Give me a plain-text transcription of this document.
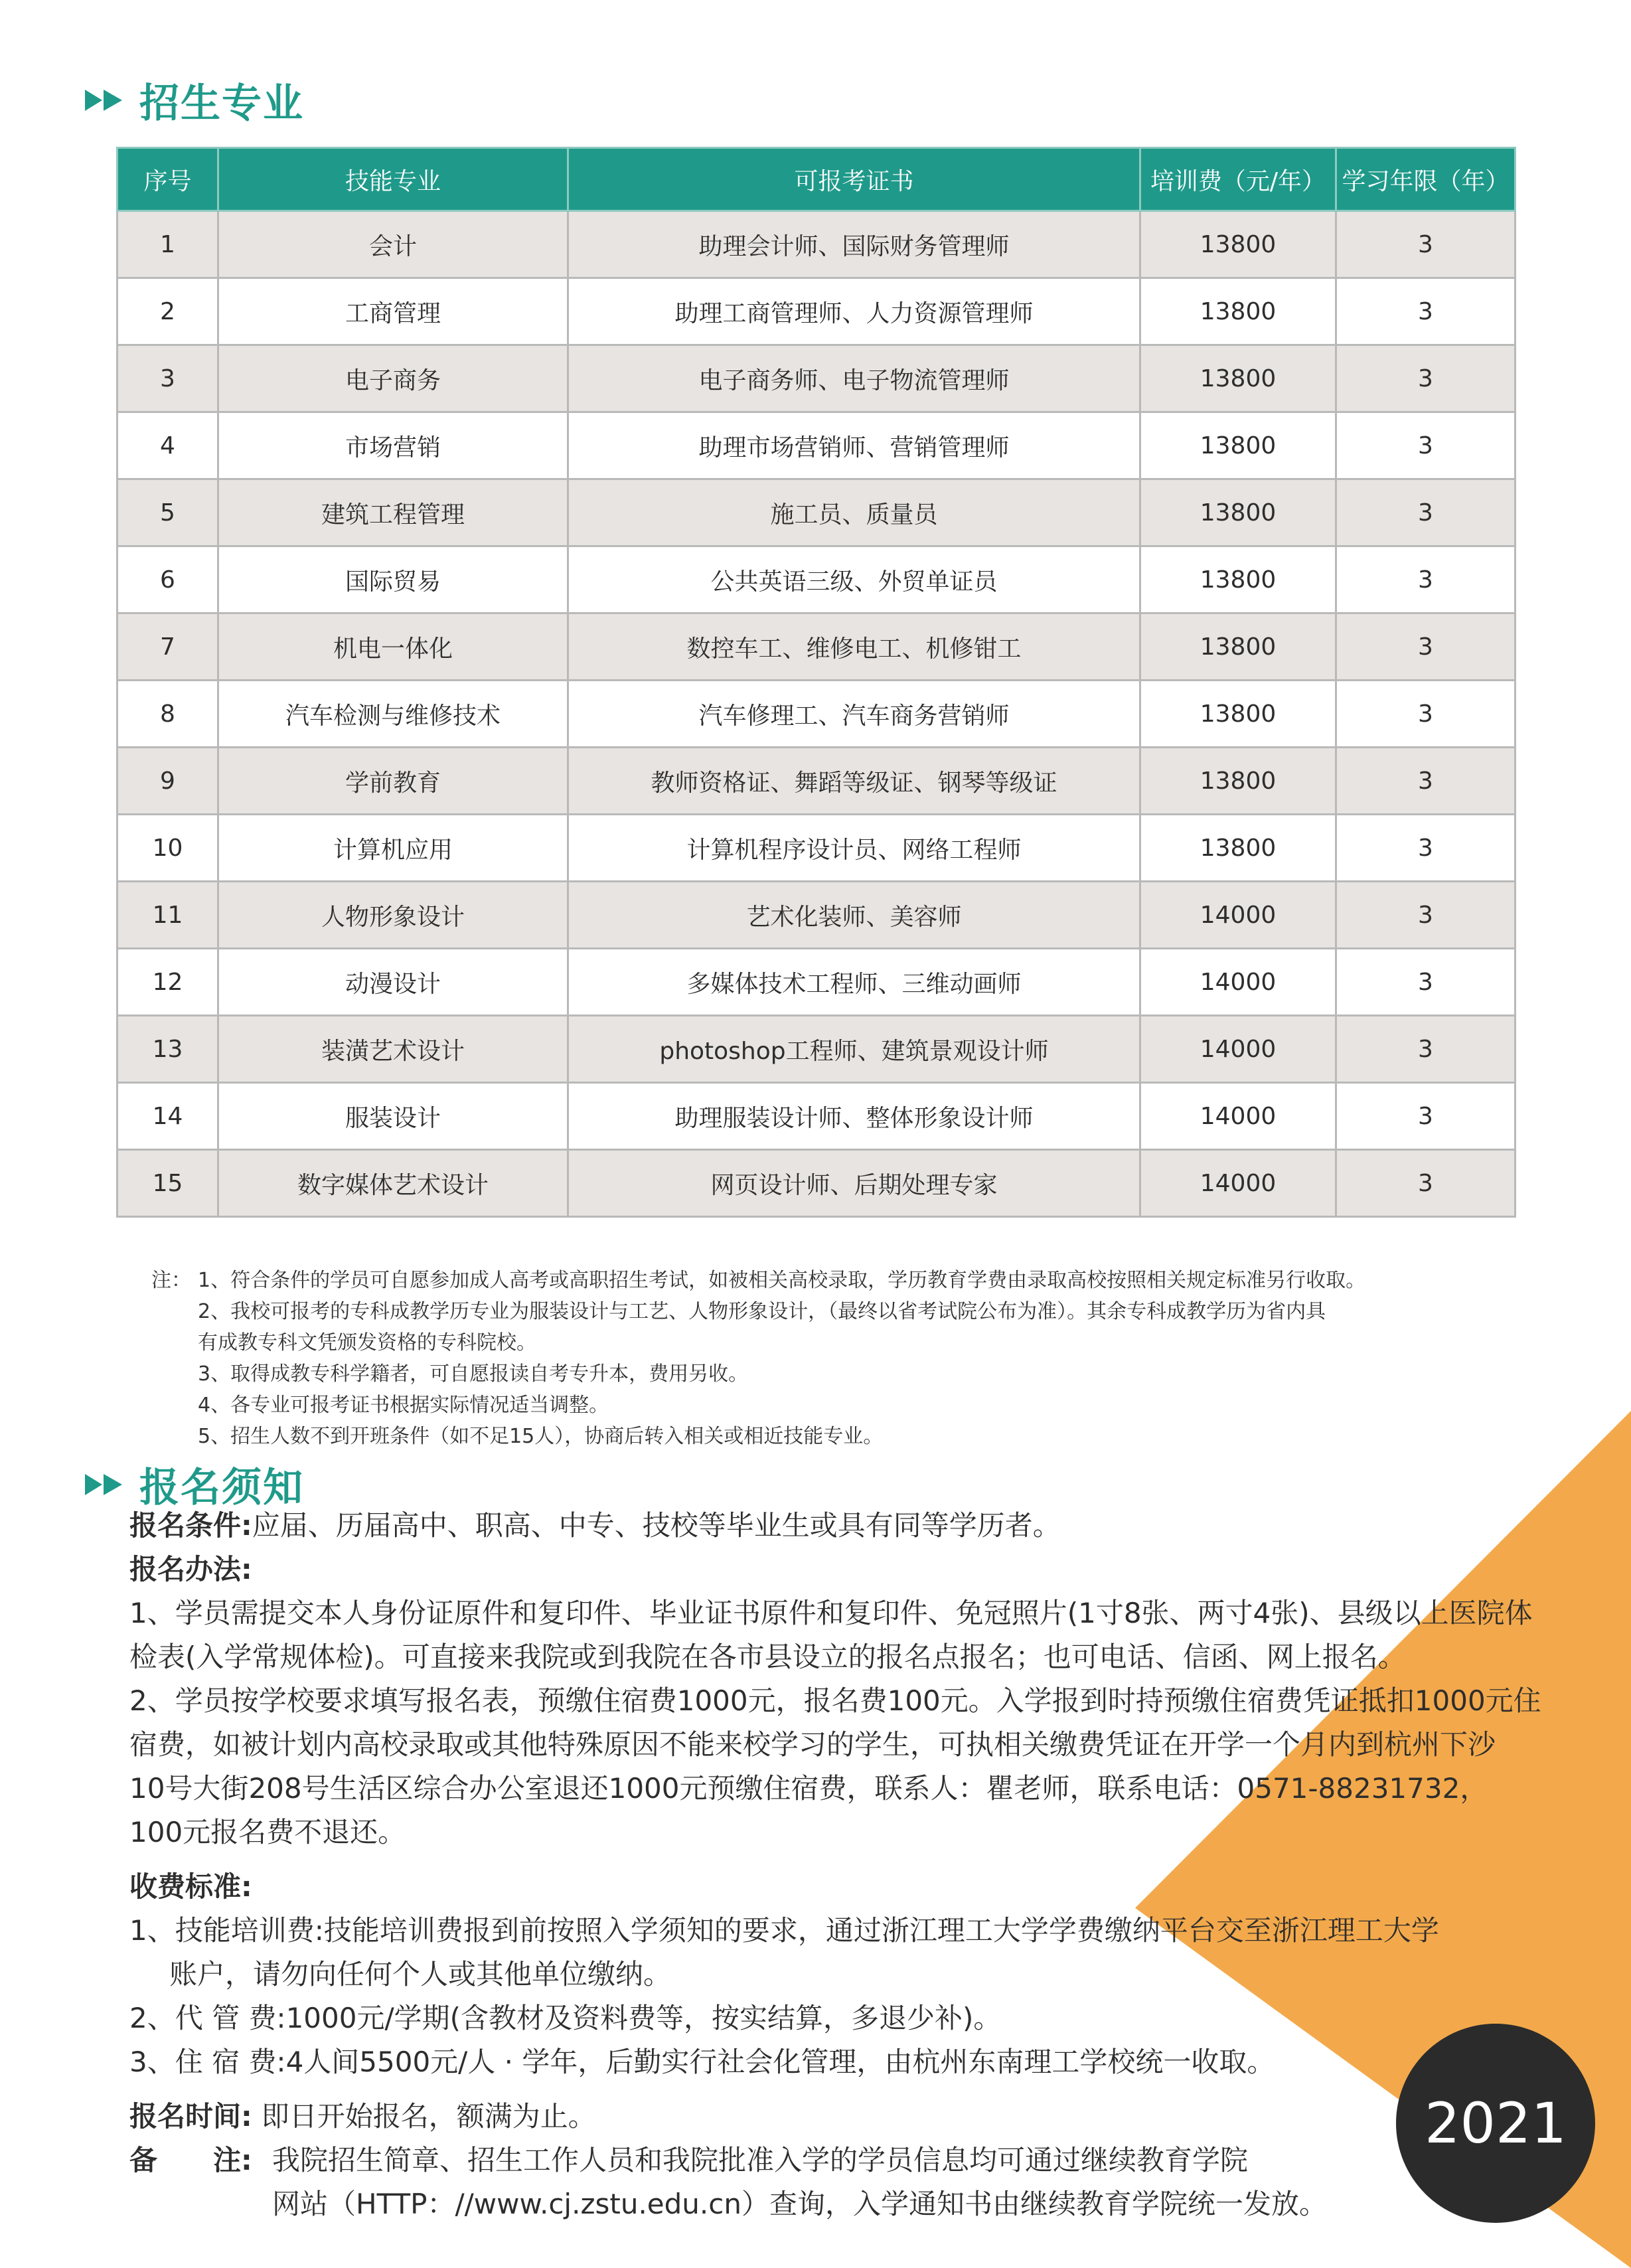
2021
招生专业
序号	技能专业	可报考证书	培训费（元/年）	学习年限（年）
1	会计	助理会计师、国际财务管理师	13800	3
2	工商管理	助理工商管理师、人力资源管理师	13800	3
3	电子商务	电子商务师、电子物流管理师	13800	3
4	市场营销	助理市场营销师、营销管理师	13800	3
5	建筑工程管理	施工员、质量员	13800	3
6	国际贸易	公共英语三级、外贸单证员	13800	3
7	机电一体化	数控车工、维修电工、机修钳工	13800	3
8	汽车检测与维修技术	汽车修理工、汽车商务营销师	13800	3
9	学前教育	教师资格证、舞蹈等级证、钢琴等级证	13800	3
10	计算机应用	计算机程序设计员、网络工程师	13800	3
11	人物形象设计	艺术化装师、美容师	14000	3
12	动漫设计	多媒体技术工程师、三维动画师	14000	3
13	装潢艺术设计	photoshop工程师、建筑景观设计师	14000	3
14	服装设计	助理服装设计师、整体形象设计师	14000	3
15	数字媒体艺术设计	网页设计师、后期处理专家	14000	3
注： 1、符合条件的学员可自愿参加成人高考或高职招生考试，如被相关高校录取，学历教育学费由录取高校按照相关规定标准另行收取。
2、我校可报考的专科成教学历专业为服装设计与工艺、人物形象设计，（最终以省考试院公布为准）。其余专科成教学历为省内具
有成教专科文凭颁发资格的专科院校。
3、取得成教专科学籍者，可自愿报读自考专升本，费用另收。
4、各专业可报考证书根据实际情况适当调整。
5、招生人数不到开班条件（如不足15人），协商后转入相关或相近技能专业。
报名须知
报名条件: 应届、历届高中、职高、中专、技校等毕业生或具有同等学历者。
报名办法:

1、学员需提交本人身份证原件和复印件、毕业证书原件和复印件、免冠照片(1寸8张、两寸4张)、县级以上医院体

检表(入学常规体检)。可直接来我院或到我院在各市县设立的报名点报名；也可电话、信函、网上报名。

2、学员按学校要求填写报名表，预缴住宿费1000元，报名费100元。入学报到时持预缴住宿费凭证抵扣1000元住

宿费，如被计划内高校录取或其他特殊原因不能来校学习的学生，可执相关缴费凭证在开学一个月内到杭州下沙

10号大街208号生活区综合办公室退还1000元预缴住宿费，联系人：瞿老师，联系电话：0571-88231732，

100元报名费不退还。

收费标准:

1、技能培训费:技能培训费报到前按照入学须知的要求，通过浙江理工大学学费缴纳平台交至浙江理工大学

账户，请勿向任何个人或其他单位缴纳。

2、代 管 费:1000元/学期(含教材及资料费等，按实结算，多退少补)。

3、住 宿 费:4人间5500元/人 · 学年，后勤实行社会化管理，由杭州东南理工学校统一收取。

报名时间: 即日开始报名，额满为止。
备　　注: 我院招生简章、招生工作人员和我院批准入学的学员信息均可通过继续教育学院
网站（HTTP：//www.cj.zstu.edu.cn）查询，入学通知书由继续教育学院统一发放。
